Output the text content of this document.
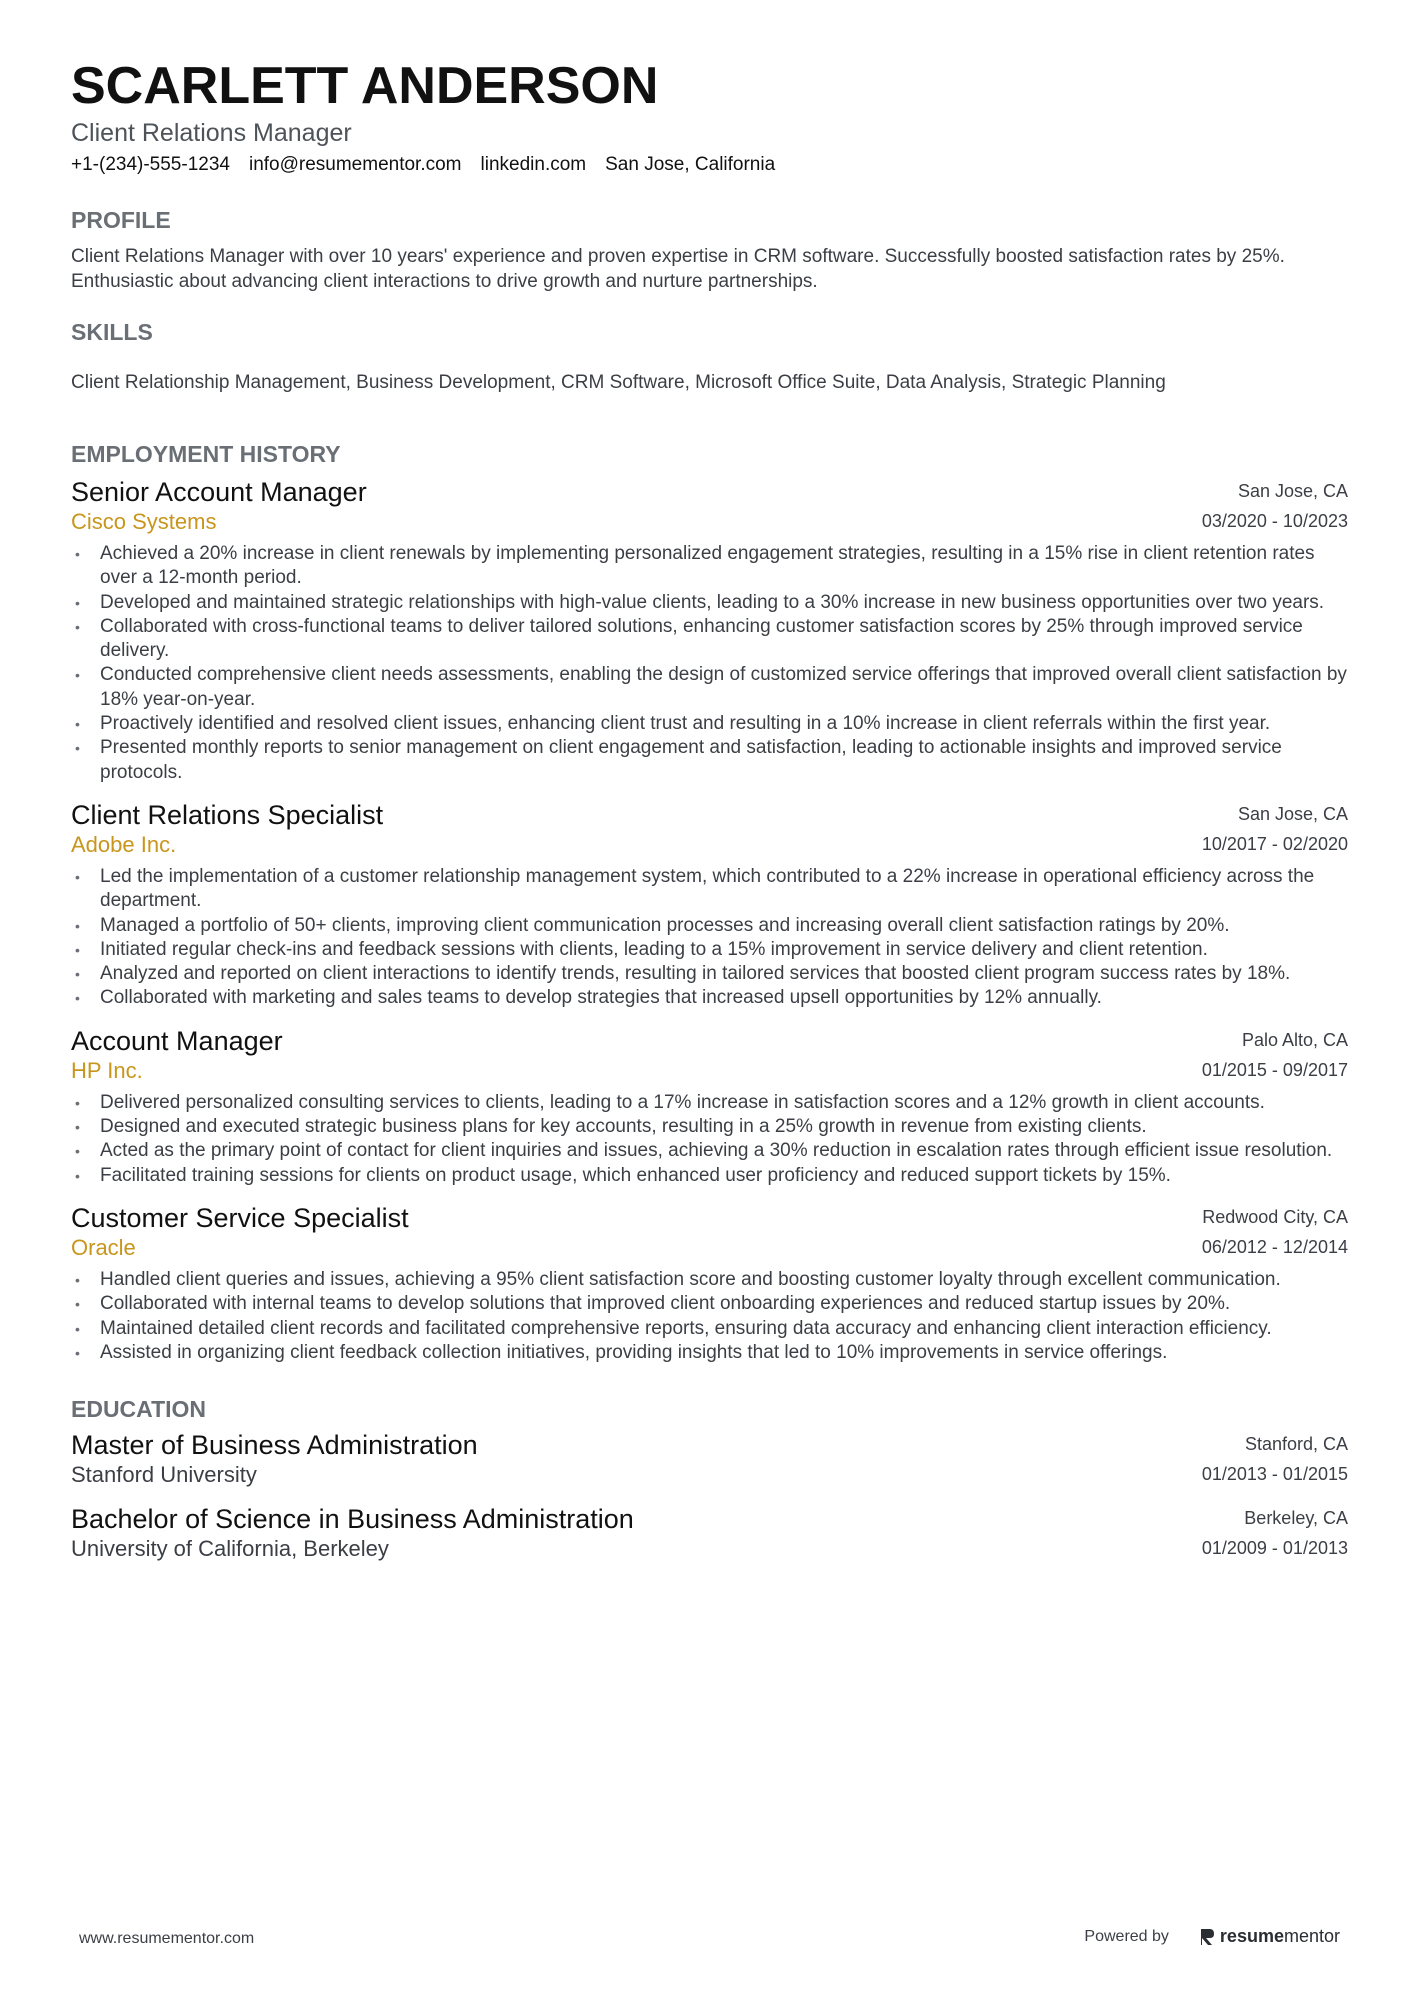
SCARLETT ANDERSON
Client Relations Manager
+1-(234)-555-1234 info@resumementor.com linkedin.com San Jose, California
PROFILE
Client Relations Manager with over 10 years' experience and proven expertise in CRM software. Successfully boosted satisfaction rates by 25%. Enthusiastic about advancing client interactions to drive growth and nurture partnerships.
SKILLS
Client Relationship Management, Business Development, CRM Software, Microsoft Office Suite, Data Analysis, Strategic Planning
EMPLOYMENT HISTORY
Senior Account Manager
Cisco Systems
San Jose, CA
03/2020 - 10/2023
• Achieved a 20% increase in client renewals by implementing personalized engagement strategies, resulting in a 15% rise in client retention rates over a 12-month period.
• Developed and maintained strategic relationships with high-value clients, leading to a 30% increase in new business opportunities over two years.
• Collaborated with cross-functional teams to deliver tailored solutions, enhancing customer satisfaction scores by 25% through improved service delivery.
• Conducted comprehensive client needs assessments, enabling the design of customized service offerings that improved overall client satisfaction by 18% year-on-year.
• Proactively identified and resolved client issues, enhancing client trust and resulting in a 10% increase in client referrals within the first year.
• Presented monthly reports to senior management on client engagement and satisfaction, leading to actionable insights and improved service protocols.
Client Relations Specialist
Adobe Inc.
San Jose, CA
10/2017 - 02/2020
• Led the implementation of a customer relationship management system, which contributed to a 22% increase in operational efficiency across the department.
• Managed a portfolio of 50+ clients, improving client communication processes and increasing overall client satisfaction ratings by 20%.
• Initiated regular check-ins and feedback sessions with clients, leading to a 15% improvement in service delivery and client retention.
• Analyzed and reported on client interactions to identify trends, resulting in tailored services that boosted client program success rates by 18%.
• Collaborated with marketing and sales teams to develop strategies that increased upsell opportunities by 12% annually.
Account Manager
HP Inc.
Palo Alto, CA
01/2015 - 09/2017
• Delivered personalized consulting services to clients, leading to a 17% increase in satisfaction scores and a 12% growth in client accounts.
• Designed and executed strategic business plans for key accounts, resulting in a 25% growth in revenue from existing clients.
• Acted as the primary point of contact for client inquiries and issues, achieving a 30% reduction in escalation rates through efficient issue resolution.
• Facilitated training sessions for clients on product usage, which enhanced user proficiency and reduced support tickets by 15%.
Customer Service Specialist
Oracle
Redwood City, CA
06/2012 - 12/2014
• Handled client queries and issues, achieving a 95% client satisfaction score and boosting customer loyalty through excellent communication.
• Collaborated with internal teams to develop solutions that improved client onboarding experiences and reduced startup issues by 20%.
• Maintained detailed client records and facilitated comprehensive reports, ensuring data accuracy and enhancing client interaction efficiency.
• Assisted in organizing client feedback collection initiatives, providing insights that led to 10% improvements in service offerings.
EDUCATION
Master of Business Administration
Stanford University
Stanford, CA
01/2013 - 01/2015
Bachelor of Science in Business Administration
University of California, Berkeley
Berkeley, CA
01/2009 - 01/2013
www.resumementor.com	Powered by	resume mentor
